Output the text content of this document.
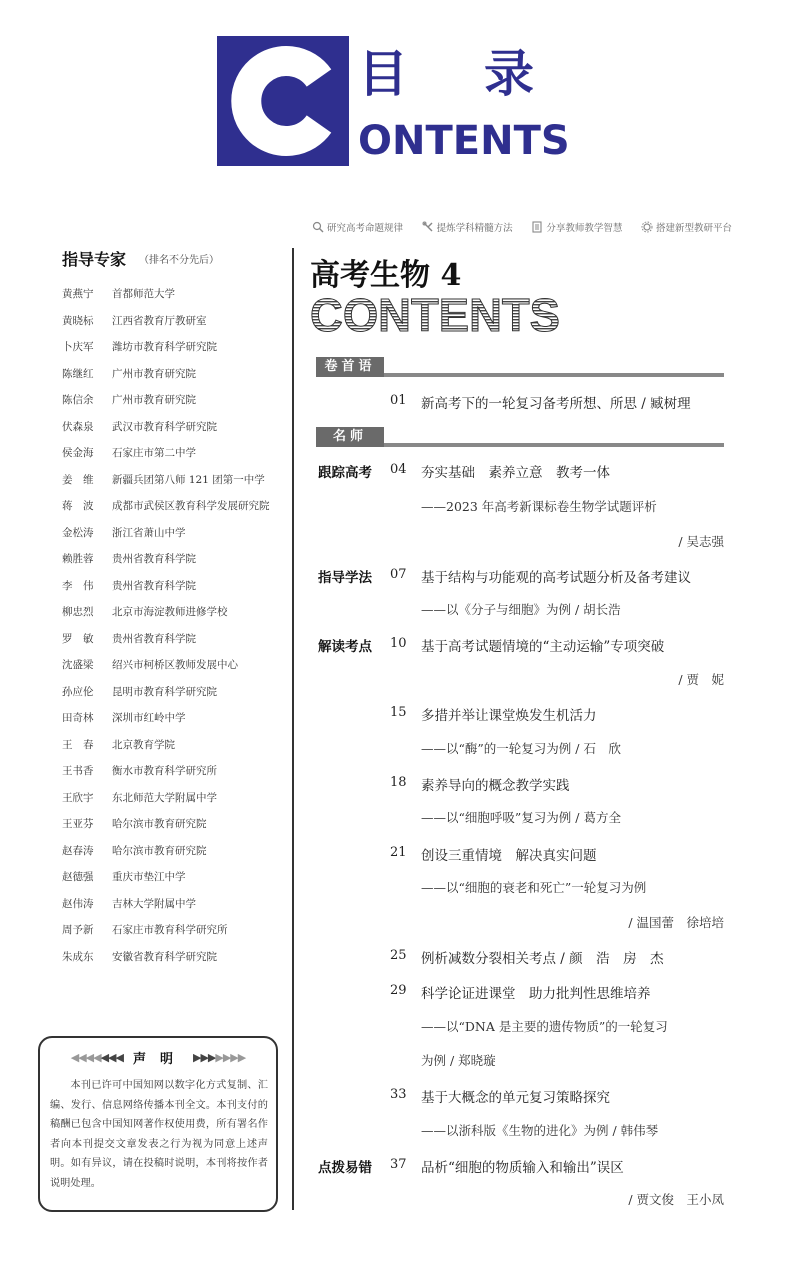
目 录
ONTENTS
研究高考命题规律	提炼学科精髓方法	分享教师教学智慧	搭建新型教研平台
指导专家 （排名不分先后）
黄燕宁	首都师范大学
黄晓标	江西省教育厅教研室
卜庆军	潍坊市教育科学研究院
陈继红	广州市教育研究院
陈信余	广州市教育研究院
伏森泉	武汉市教育科学研究院
侯金海	石家庄市第二中学
姜　维	新疆兵团第八师 121 团第一中学
蒋　波	成都市武侯区教育科学发展研究院
金松涛	浙江省萧山中学
赖胜蓉	贵州省教育科学院
李　伟	贵州省教育科学院
柳忠烈	北京市海淀教师进修学校
罗　敏	贵州省教育科学院
沈盛梁	绍兴市柯桥区教师发展中心
孙应伦	昆明市教育科学研究院
田奇林	深圳市红岭中学
王　春	北京教育学院
王书香	衡水市教育科学研究所
王欣宇	东北师范大学附属中学
王亚芬	哈尔滨市教育研究院
赵春涛	哈尔滨市教育研究院
赵德强	重庆市垫江中学
赵伟涛	吉林大学附属中学
周予新	石家庄市教育科学研究所
朱成东	安徽省教育科学研究院
◀◀◀◀◀◀◀ 声明 ▶▶▶▶▶▶▶
本刊已许可中国知网以数字化方式复制、汇编、发行、信息网络传播本刊全文。本刊支付的稿酬已包含中国知网著作权使用费，所有署名作者向本刊提交文章发表之行为视为同意上述声明。如有异议，请在投稿时说明，本刊将按作者说明处理。
高考生物 4
CONTENTS
卷首语
01 新高考下的一轮复习备考所想、所思 / 臧树理
名师
跟踪高考 04 夯实基础　素养立意　教考一体
——2023 年高考新课标卷生物学试题评析
/ 吴志强
指导学法 07 基于结构与功能观的高考试题分析及备考建议
——以《分子与细胞》为例 / 胡长浩
解读考点 10 基于高考试题情境的“主动运输”专项突破
/ 贾　妮
15 多措并举让课堂焕发生机活力
——以“酶”的一轮复习为例 / 石　欣
18 素养导向的概念教学实践
——以“细胞呼吸”复习为例 / 葛方全
21 创设三重情境　解决真实问题
——以“细胞的衰老和死亡”一轮复习为例
/ 温国蕾　徐培培
25 例析减数分裂相关考点 / 颜　浩　房　杰
29 科学论证进课堂　助力批判性思维培养
——以“DNA 是主要的遗传物质”的一轮复习
为例 / 郑晓璇
33 基于大概念的单元复习策略探究
——以浙科版《生物的进化》为例 / 韩伟琴
点拨易错 37 品析“细胞的物质输入和输出”误区
/ 贾文俊　王小凤
